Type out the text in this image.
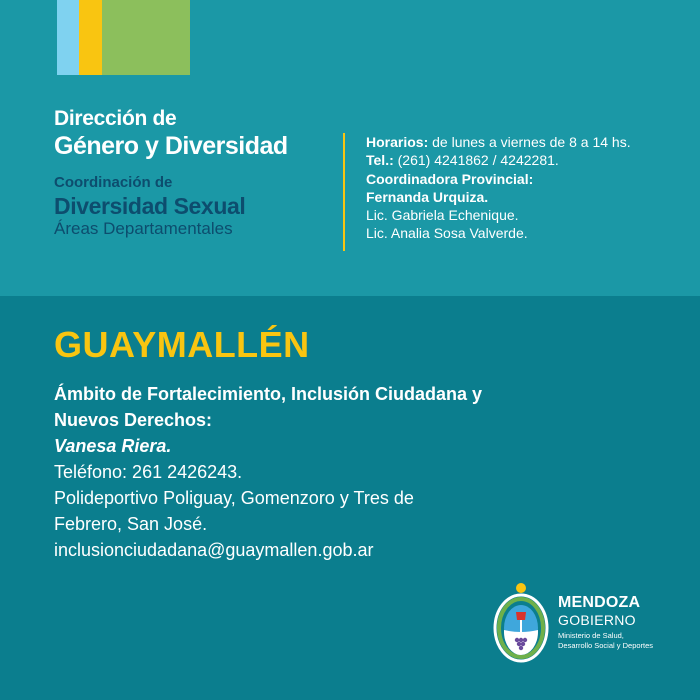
Dirección de
Género y Diversidad
Coordinación de
Diversidad Sexual
Áreas Departamentales
Horarios: de lunes a viernes de 8 a 14 hs.
Tel.: (261) 4241862 / 4242281.
Coordinadora Provincial:
Fernanda Urquiza.
Lic. Gabriela Echenique.
Lic. Analia Sosa Valverde.
GUAYMALLÉN
Ámbito de Fortalecimiento, Inclusión Ciudadana y
Nuevos Derechos:
Vanesa Riera.
Teléfono: 261 2426243.
Polideportivo Poliguay, Gomenzoro y Tres de
Febrero, San José.
inclusionciudadana@guaymallen.gob.ar
MENDOZA
GOBIERNO
Ministerio de Salud,
Desarrollo Social y Deportes
